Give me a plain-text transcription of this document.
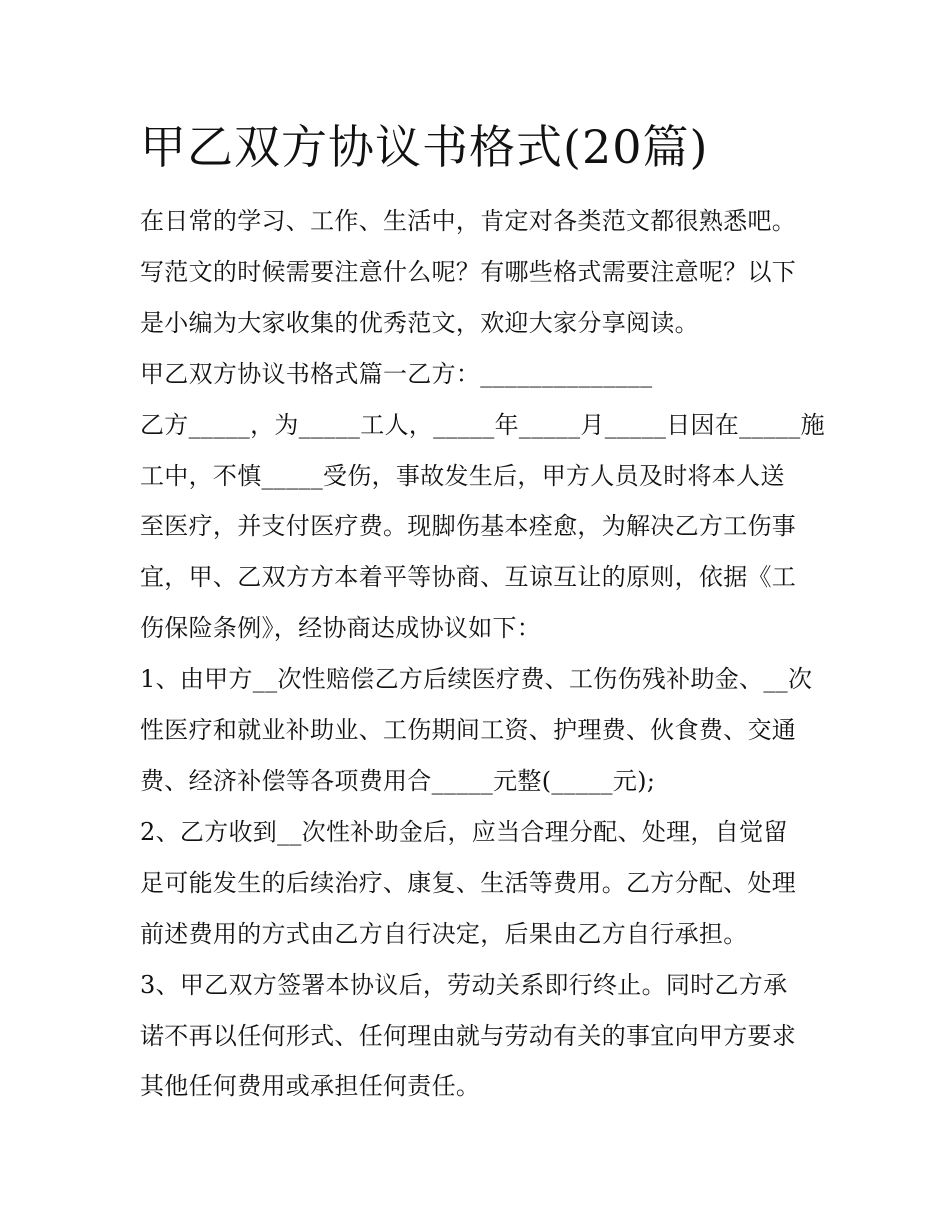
甲乙双方协议书格式(20篇)

在日常的学习、工作、生活中，肯定对各类范文都很熟悉吧。

写范文的时候需要注意什么呢？有哪些格式需要注意呢？以下

是小编为大家收集的优秀范文，欢迎大家分享阅读。

甲乙双方协议书格式篇一乙方：______________

乙方_____，为_____工人，_____年_____月_____日因在_____施

工中，不慎_____受伤，事故发生后，甲方人员及时将本人送

至医疗，并支付医疗费。现脚伤基本痊愈，为解决乙方工伤事

宜，甲、乙双方方本着平等协商、互谅互让的原则，依据《工

伤保险条例》，经协商达成协议如下：

1、由甲方__次性赔偿乙方后续医疗费、工伤伤残补助金、__次

性医疗和就业补助业、工伤期间工资、护理费、伙食费、交通

费、经济补偿等各项费用合_____元整(_____元);

2、乙方收到__次性补助金后，应当合理分配、处理，自觉留

足可能发生的后续治疗、康复、生活等费用。乙方分配、处理

前述费用的方式由乙方自行决定，后果由乙方自行承担。

3、甲乙双方签署本协议后，劳动关系即行终止。同时乙方承

诺不再以任何形式、任何理由就与劳动有关的事宜向甲方要求

其他任何费用或承担任何责任。
